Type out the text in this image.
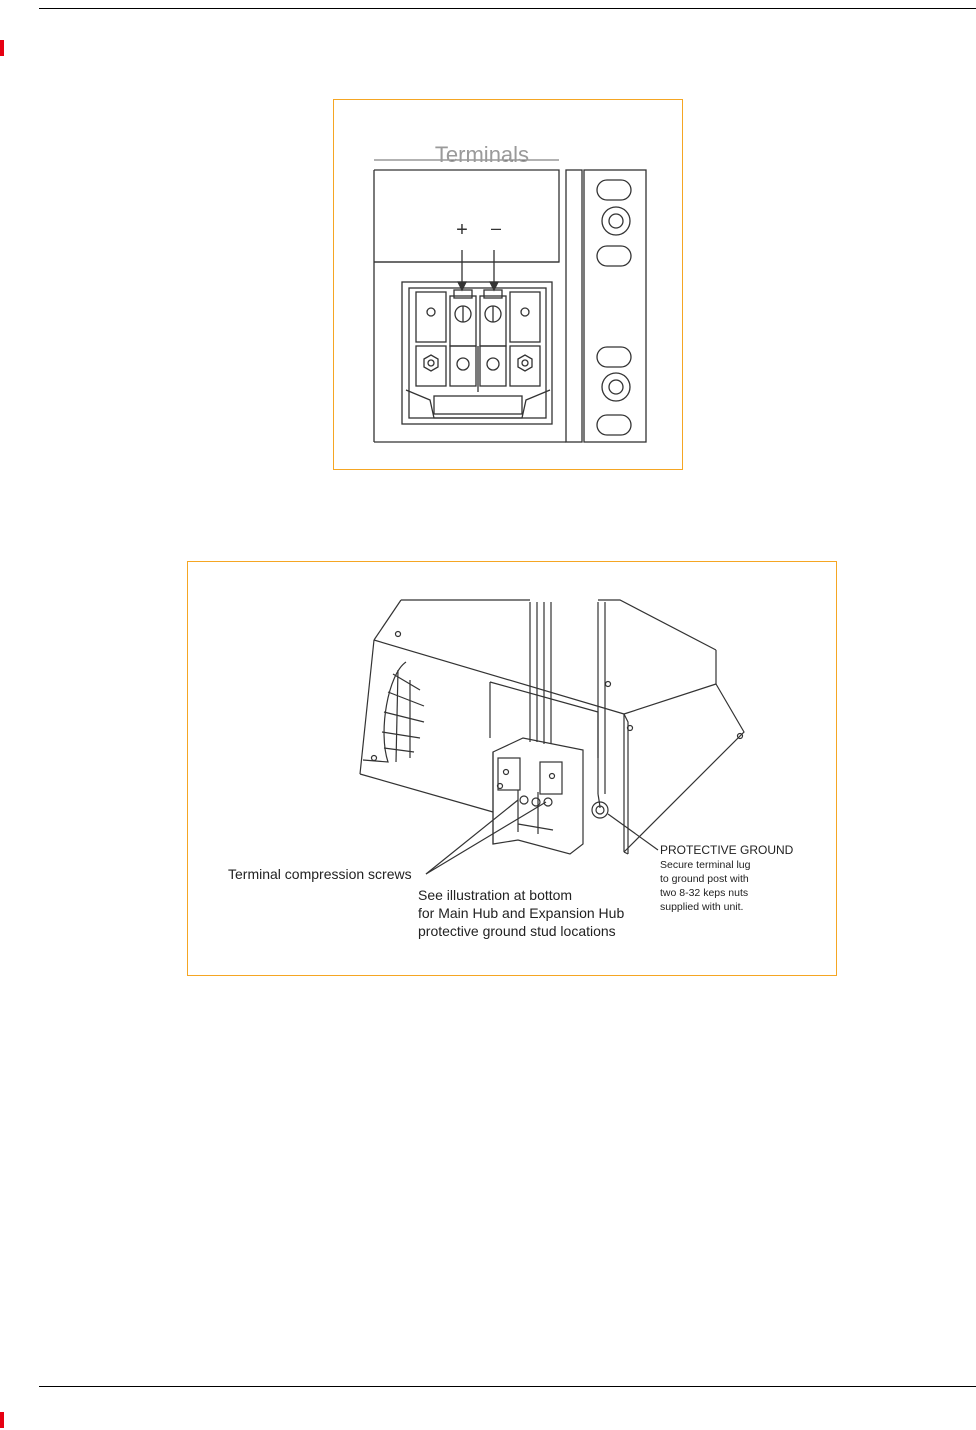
Terminals
+ –
Terminal compression screws
See illustration at bottom
for Main Hub and Expansion Hub
protective ground stud locations
PROTECTIVE GROUND
Secure terminal lug
to ground post with
two 8-32 keps nuts
supplied with unit.
